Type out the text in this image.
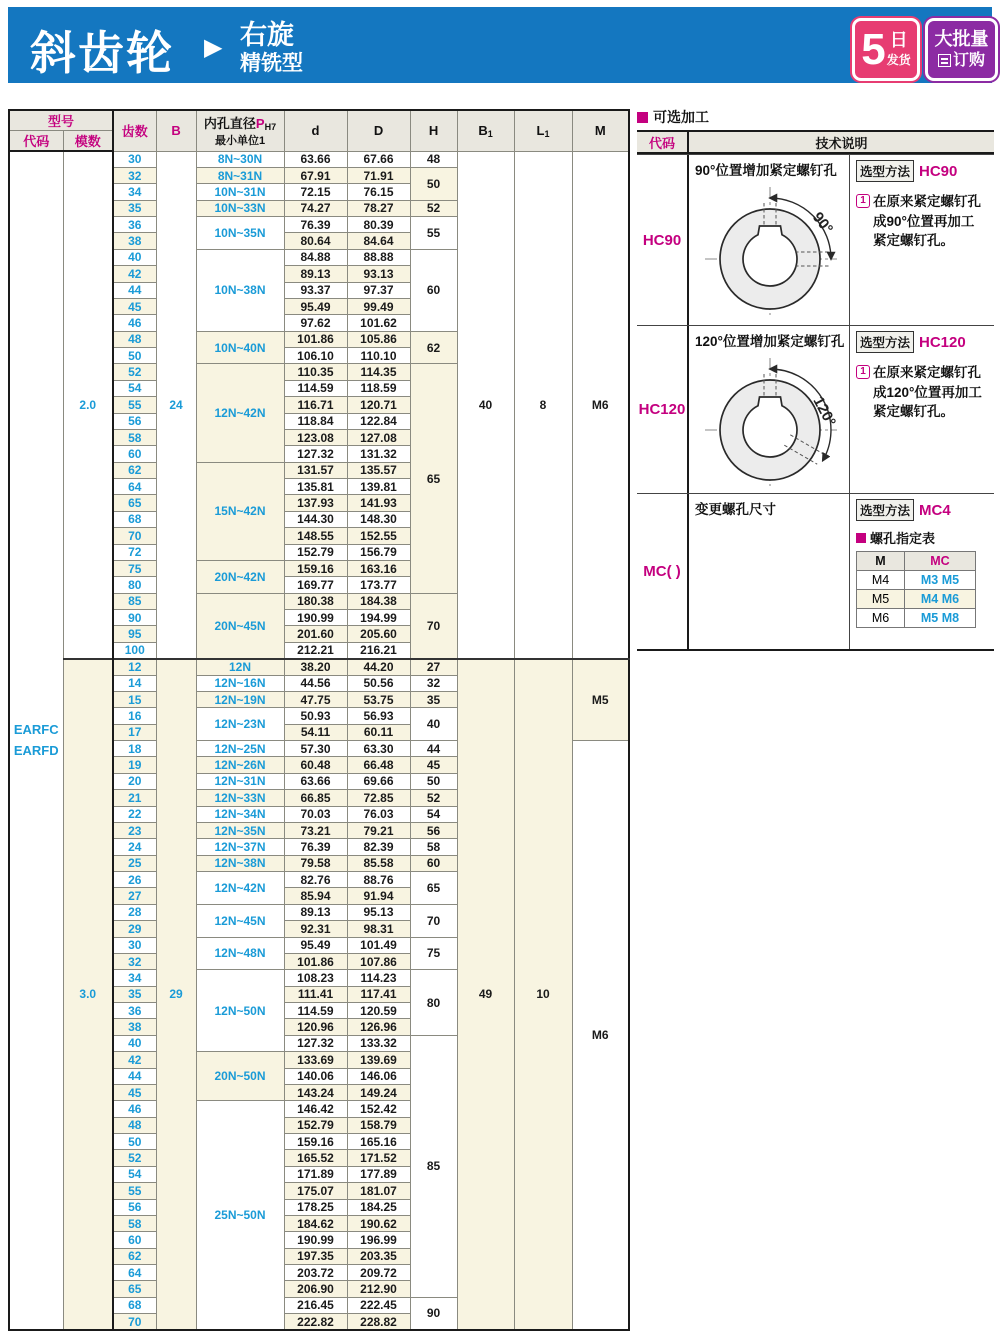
斜齿轮 ▶ 右旋
精铣型	5 日
发货
大批量
订购
型号		齿数	B	内孔直径$P_{H7}$
最小单位1	d	D	H	$B_1$	$L_1$	M
代码	模数									

EARFC
EARFD	2.0	30	24	8N~30N	63.66	67.66	48	40	8	M6
		32		8N~31N	67.91	71.91	50			
		34		10N~31N	72.15	76.15				
		35		10N~33N	74.27	78.27	52			
		36		10N~35N	76.39	80.39	55			
		38			80.64	84.64				
		40		10N~38N	84.88	88.88	60			
		42			89.13	93.13				
		44			93.37	97.37				
		45			95.49	99.49				
		46			97.62	101.62				
		48		10N~40N	101.86	105.86	62			
		50			106.10	110.10				
		52		12N~42N	110.35	114.35	65			
		54			114.59	118.59				
		55			116.71	120.71				
		56			118.84	122.84				
		58			123.08	127.08				
		60			127.32	131.32				
		62		15N~42N	131.57	135.57				
		64			135.81	139.81				
		65			137.93	141.93				
		68			144.30	148.30				
		70			148.55	152.55				
		72			152.79	156.79				
		75		20N~42N	159.16	163.16				
		80			169.77	173.77				
		85		20N~45N	180.38	184.38	70			
		90			190.99	194.99				
		95			201.60	205.60				
		100			212.21	216.21				
	3.0	12	29	12N	38.20	44.20	27	49	10	M5
		14		12N~16N	44.56	50.56	32			
		15		12N~19N	47.75	53.75	35			
		16		12N~23N	50.93	56.93	40			
		17			54.11	60.11				
		18		12N~25N	57.30	63.30	44			M6
		19		12N~26N	60.48	66.48	45			
		20		12N~31N	63.66	69.66	50			
		21		12N~33N	66.85	72.85	52			
		22		12N~34N	70.03	76.03	54			
		23		12N~35N	73.21	79.21	56			
		24		12N~37N	76.39	82.39	58			
		25		12N~38N	79.58	85.58	60			
		26		12N~42N	82.76	88.76	65			
		27			85.94	91.94				
		28		12N~45N	89.13	95.13	70			
		29			92.31	98.31				
		30		12N~48N	95.49	101.49	75			
		32			101.86	107.86				
		34		12N~50N	108.23	114.23	80			
		35			111.41	117.41				
		36			114.59	120.59				
		38			120.96	126.96				
		40			127.32	133.32	85			
		42		20N~50N	133.69	139.69				
		44			140.06	146.06				
		45			143.24	149.24				
		46		25N~50N	146.42	152.42				
		48			152.79	158.79				
		50			159.16	165.16				
		52			165.52	171.52				
		54			171.89	177.89				
		55			175.07	181.07				
		56			178.25	184.25				
		58			184.62	190.62				
		60			190.99	196.99				
		62			197.35	203.35				
		64			203.72	209.72				
		65			206.90	212.90				
		68			216.45	222.45	90			
		70			222.82	228.82				
可选加工
代码	技术说明
HC90
90°位置增加紧定螺钉孔
90°
选型方法 HC90
1 在原来紧定螺钉孔
成90°位置再加工
紧定螺钉孔。
HC120
120°位置增加紧定螺钉孔
120°
选型方法 HC120
1 在原来紧定螺钉孔
成120°位置再加工
紧定螺钉孔。
MC( )
变更螺孔尺寸	选型方法 MC4
螺孔指定表
M	MC
M4	M3 M5
M5	M4 M6
M6	M5 M8
